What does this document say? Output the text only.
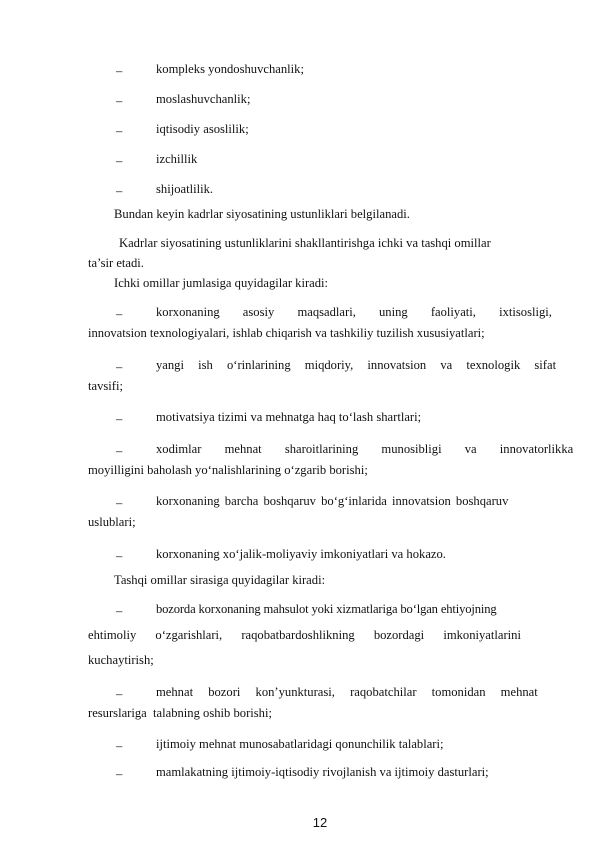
–	kompleks yondoshuvchanlik;
–	moslashuvchanlik;
–	iqtisodiy asoslilik;
–	izchillik
–	shijoatlilik.
Bundan keyin kadrlar siyosatining ustunliklari belgilanadi.
Kadrlar siyosatining ustunliklarini shakllantirishga ichki va tashqi omillar
ta’sir etadi.
Ichki omillar jumlasiga quyidagilar kiradi:
–	korxonaning asosiy maqsadlari, uning faoliyati, ixtisosligi,
innovatsion texnologiyalari, ishlab chiqarish va tashkiliy tuzilish xususiyatlari;
–	yangi ish o‘rinlarining miqdoriy, innovatsion va texnologik sifat
tavsifi;
–	motivatsiya tizimi va mehnatga haq to‘lash shartlari;
–	xodimlar mehnat sharoitlarining munosibligi va innovatorlikka
moyilligini baholash yo‘nalishlarining o‘zgarib borishi;
–	korxonaning barcha boshqaruv bo‘g‘inlarida innovatsion boshqaruv
uslublari;
–	korxonaning xo‘jalik-moliyaviy imkoniyatlari va hokazo.
Tashqi omillar sirasiga quyidagilar kiradi:
–	bozorda korxonaning mahsulot yoki xizmatlariga bo‘lgan ehtiyojning
ehtimoliy o‘zgarishlari, raqobatbardoshlikning bozordagi imkoniyatlarini
kuchaytirish;
–	mehnat bozori kon’yunkturasi, raqobatchilar tomonidan mehnat
resurslariga  talabning oshib borishi;
–	ijtimoiy mehnat munosabatlaridagi qonunchilik talablari;
–	mamlakatning ijtimoiy-iqtisodiy rivojlanish va ijtimoiy dasturlari;
12
